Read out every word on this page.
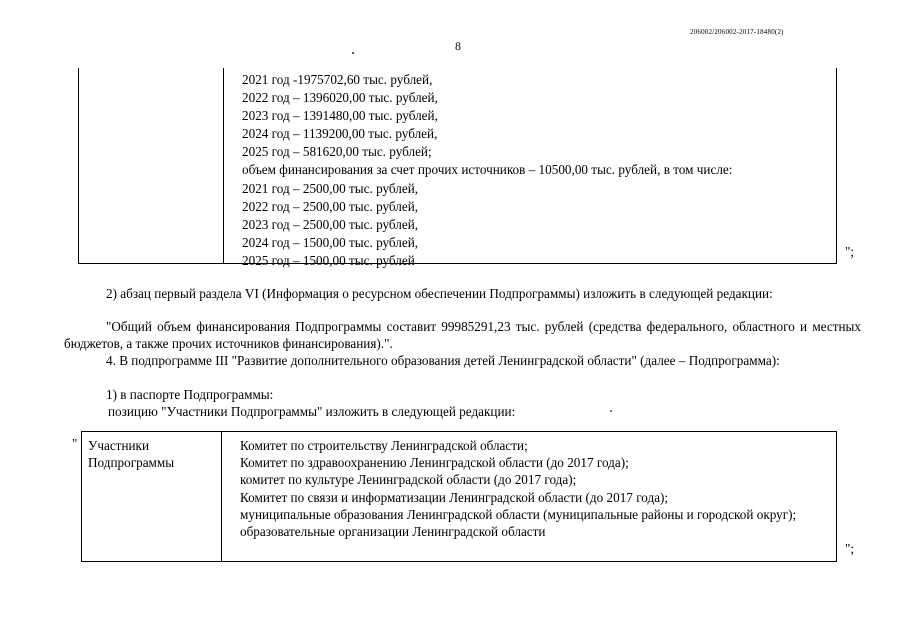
206002/206002-2017-18480(2)
8
2021 год -1975702,60 тыс. рублей,
2022 год – 1396020,00 тыс. рублей,
2023 год – 1391480,00 тыс. рублей,
2024 год – 1139200,00 тыс. рублей,
2025 год – 581620,00 тыс. рублей;
объем финансирования за счет прочих источников – 10500,00 тыс. рублей, в том числе:
2021 год – 2500,00 тыс. рублей,
2022 год – 2500,00 тыс. рублей,
2023 год – 2500,00 тыс. рублей,
2024 год – 1500,00 тыс. рублей,
2025 год – 1500,00 тыс. рублей
";
2) абзац первый раздела VI (Информация о ресурсном обеспечении Подпрограммы) изложить в следующей редакции:
"Общий объем финансирования Подпрограммы составит 99985291,23 тыс. рублей (средства федерального, областного и местных бюджетов, а также прочих источников финансирования).".
4. В подпрограмме III "Развитие дополнительного образования детей Ленинградской области" (далее – Подпрограмма):
1) в паспорте Подпрограммы:
позицию "Участники Подпрограммы" изложить в следующей редакции:
" Участники
Подпрограммы
Комитет по строительству Ленинградской области;
Комитет по здравоохранению Ленинградской области (до 2017 года);
комитет по культуре Ленинградской области (до 2017 года);
Комитет по связи и информатизации Ленинградской области (до 2017 года);
муниципальные образования Ленинградской области (муниципальные районы и городской округ);
образовательные организации Ленинградской области
";
